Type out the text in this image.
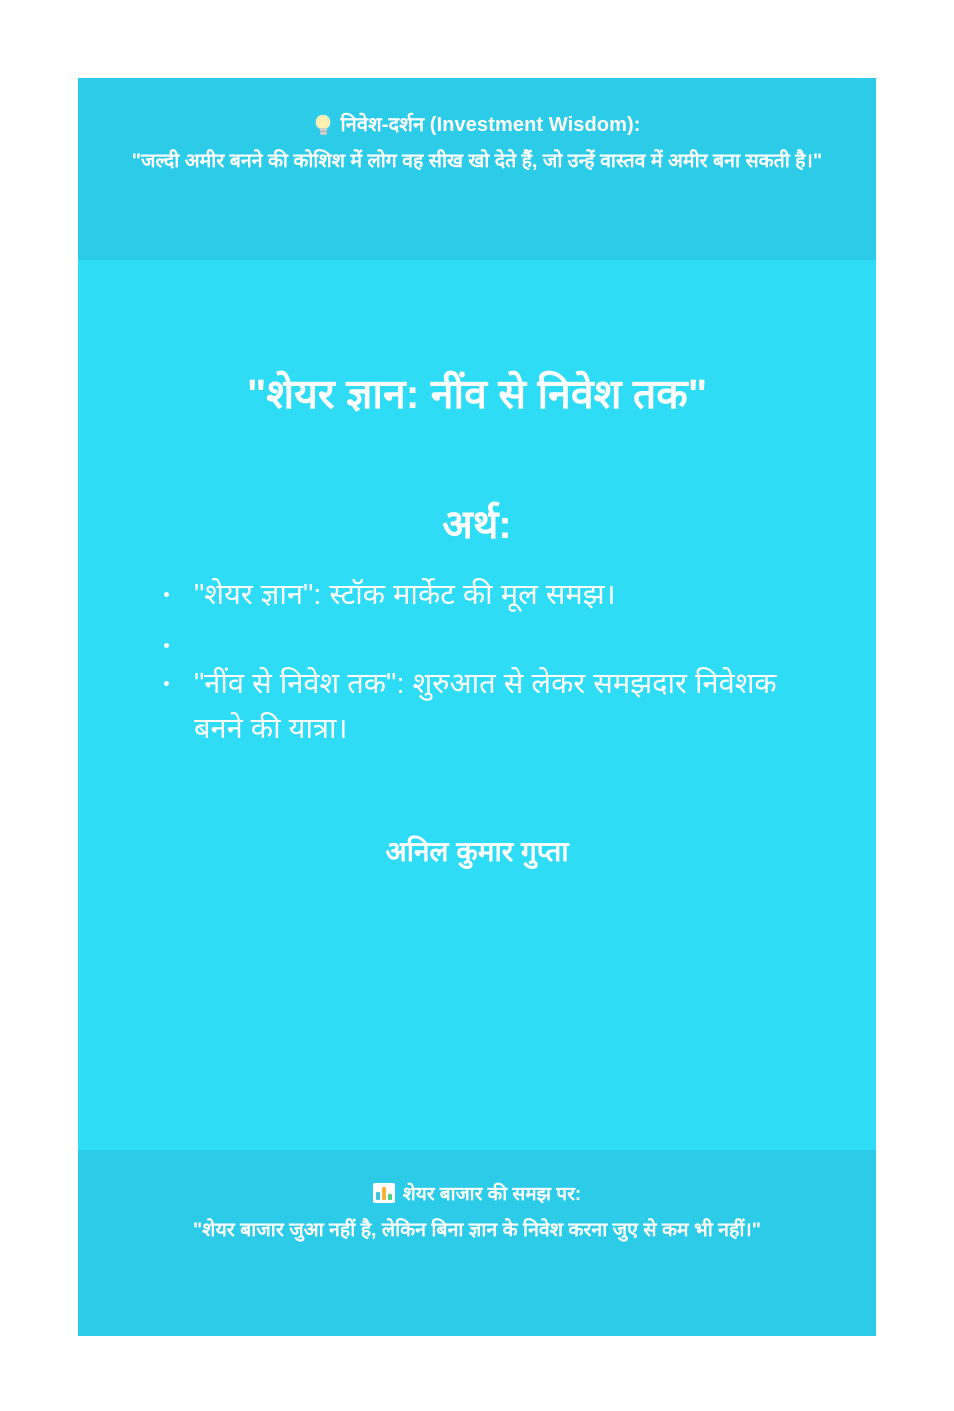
निवेश-दर्शन (Investment Wisdom):
"जल्दी अमीर बनने की कोशिश में लोग वह सीख खो देते हैं, जो उन्हें वास्तव में अमीर बना सकती है।"
"शेयर ज्ञान: नींव से निवेश तक"
अर्थ:
"शेयर ज्ञान": स्टॉक मार्केट की मूल समझ।
"नींव से निवेश तक": शुरुआत से लेकर समझदार निवेशक बनने की यात्रा।
अनिल कुमार गुप्ता
शेयर बाजार की समझ पर:
"शेयर बाजार जुआ नहीं है, लेकिन बिना ज्ञान के निवेश करना जुए से कम भी नहीं।"
